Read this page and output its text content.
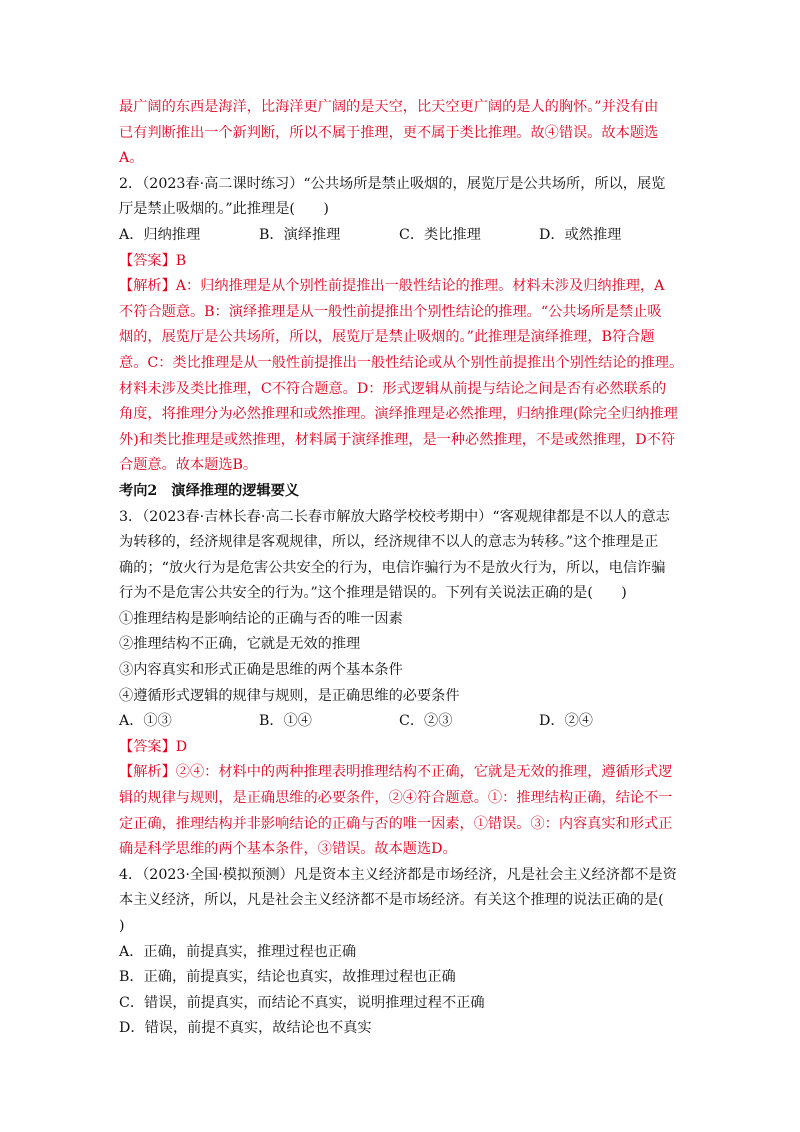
最广阔的东西是海洋，比海洋更广阔的是天空，比天空更广阔的是人的胸怀。”并没有由
已有判断推出一个新判断，所以不属于推理，更不属于类比推理。故④错误。故本题选
A。
2．（2023春·高二课时练习）“公共场所是禁止吸烟的，展览厅是公共场所，所以，展览
厅是禁止吸烟的。”此推理是(　　)
A．归纳推理	B．演绎推理	C．类比推理	D．或然推理
【答案】B
【解析】A：归纳推理是从个别性前提推出一般性结论的推理。材料未涉及归纳推理，A
不符合题意。B：演绎推理是从一般性前提推出个别性结论的推理。“公共场所是禁止吸
烟的，展览厅是公共场所，所以，展览厅是禁止吸烟的。”此推理是演绎推理，B符合题
意。C：类比推理是从一般性前提推出一般性结论或从个别性前提推出个别性结论的推理。
材料未涉及类比推理，C不符合题意。D：形式逻辑从前提与结论之间是否有必然联系的
角度，将推理分为必然推理和或然推理。演绎推理是必然推理，归纳推理(除完全归纳推理
外)和类比推理是或然推理，材料属于演绎推理，是一种必然推理，不是或然推理，D不符
合题意。故本题选B。
考向2　演绎推理的逻辑要义
3．（2023春·吉林长春·高二长春市解放大路学校校考期中）“客观规律都是不以人的意志
为转移的，经济规律是客观规律，所以，经济规律不以人的意志为转移。”这个推理是正
确的；“放火行为是危害公共安全的行为，电信诈骗行为不是放火行为，所以，电信诈骗
行为不是危害公共安全的行为。”这个推理是错误的。下列有关说法正确的是(　　)
①推理结构是影响结论的正确与否的唯一因素
②推理结构不正确，它就是无效的推理
③内容真实和形式正确是思维的两个基本条件
④遵循形式逻辑的规律与规则，是正确思维的必要条件
A．①③	B．①④	C．②③	D．②④
【答案】D
【解析】②④：材料中的两种推理表明推理结构不正确，它就是无效的推理，遵循形式逻
辑的规律与规则，是正确思维的必要条件，②④符合题意。①：推理结构正确，结论不一
定正确，推理结构并非影响结论的正确与否的唯一因素，①错误。③：内容真实和形式正
确是科学思维的两个基本条件，③错误。故本题选D。
4．（2023·全国·模拟预测）凡是资本主义经济都是市场经济，凡是社会主义经济都不是资
本主义经济，所以，凡是社会主义经济都不是市场经济。有关这个推理的说法正确的是(
)
A．正确，前提真实，推理过程也正确
B．正确，前提真实，结论也真实，故推理过程也正确
C．错误，前提真实，而结论不真实，说明推理过程不正确
D．错误，前提不真实，故结论也不真实
